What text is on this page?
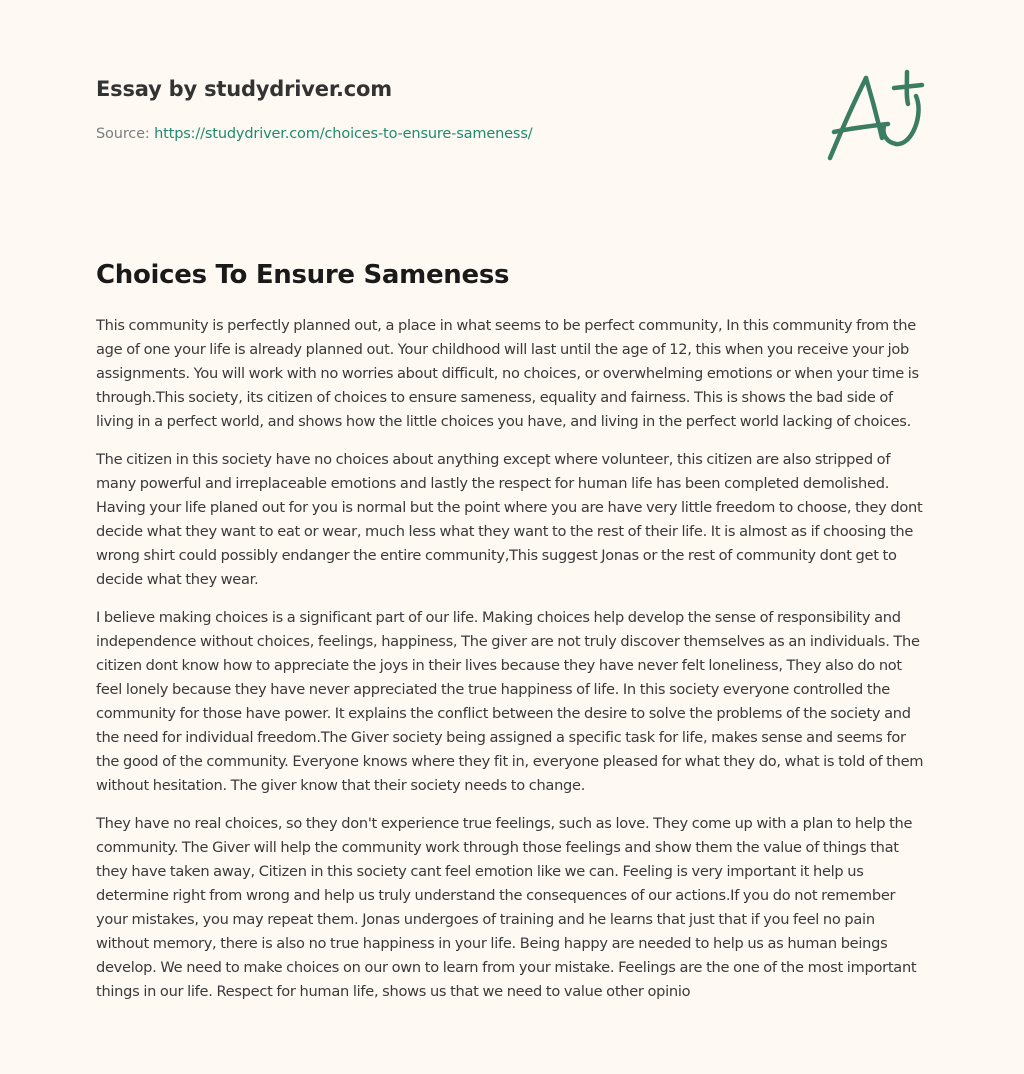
Essay by studydriver.com
Source: https://studydriver.com/choices-to-ensure-sameness/
Choices To Ensure Sameness

This community is perfectly planned out, a place in what seems to be perfect community, In this community from the age of one your life is already planned out. Your childhood will last until the age of 12, this when you receive your job assignments. You will work with no worries about difficult, no choices, or overwhelming emotions or when your time is through.This society, its citizen of choices to ensure sameness, equality and fairness. This is shows the bad side of living in a perfect world, and shows how the little choices you have, and living in the perfect world lacking of choices.

The citizen in this society have no choices about anything except where volunteer, this citizen are also stripped of many powerful and irreplaceable emotions and lastly the respect for human life has been completed demolished. Having your life planed out for you is normal but the point where you are have very little freedom to choose, they dont decide what they want to eat or wear, much less what they want to the rest of their life. It is almost as if choosing the wrong shirt could possibly endanger the entire community,This suggest Jonas or the rest of community dont get to decide what they wear.

I believe making choices is a significant part of our life. Making choices help develop the sense of responsibility and independence without choices, feelings, happiness, The giver are not truly discover themselves as an individuals. The citizen dont know how to appreciate the joys in their lives because they have never felt loneliness, They also do not feel lonely because they have never appreciated the true happiness of life. In this society everyone controlled the community for those have power. It explains the conflict between the desire to solve the problems of the society and the need for individual freedom.The Giver society being assigned a specific task for life, makes sense and seems for the good of the community. Everyone knows where they fit in, everyone pleased for what they do, what is told of them without hesitation. The giver know that their society needs to change.

They have no real choices, so they don't experience true feelings, such as love. They come up with a plan to help the community. The Giver will help the community work through those feelings and show them the value of things that they have taken away, Citizen in this society cant feel emotion like we can. Feeling is very important it help us determine right from wrong and help us truly understand the consequences of our actions.If you do not remember your mistakes, you may repeat them. Jonas undergoes of training and he learns that just that if you feel no pain without memory, there is also no true happiness in your life. Being happy are needed to help us as human beings develop. We need to make choices on our own to learn from your mistake. Feelings are the one of the most important things in our life. Respect for human life, shows us that we need to value other opinio
